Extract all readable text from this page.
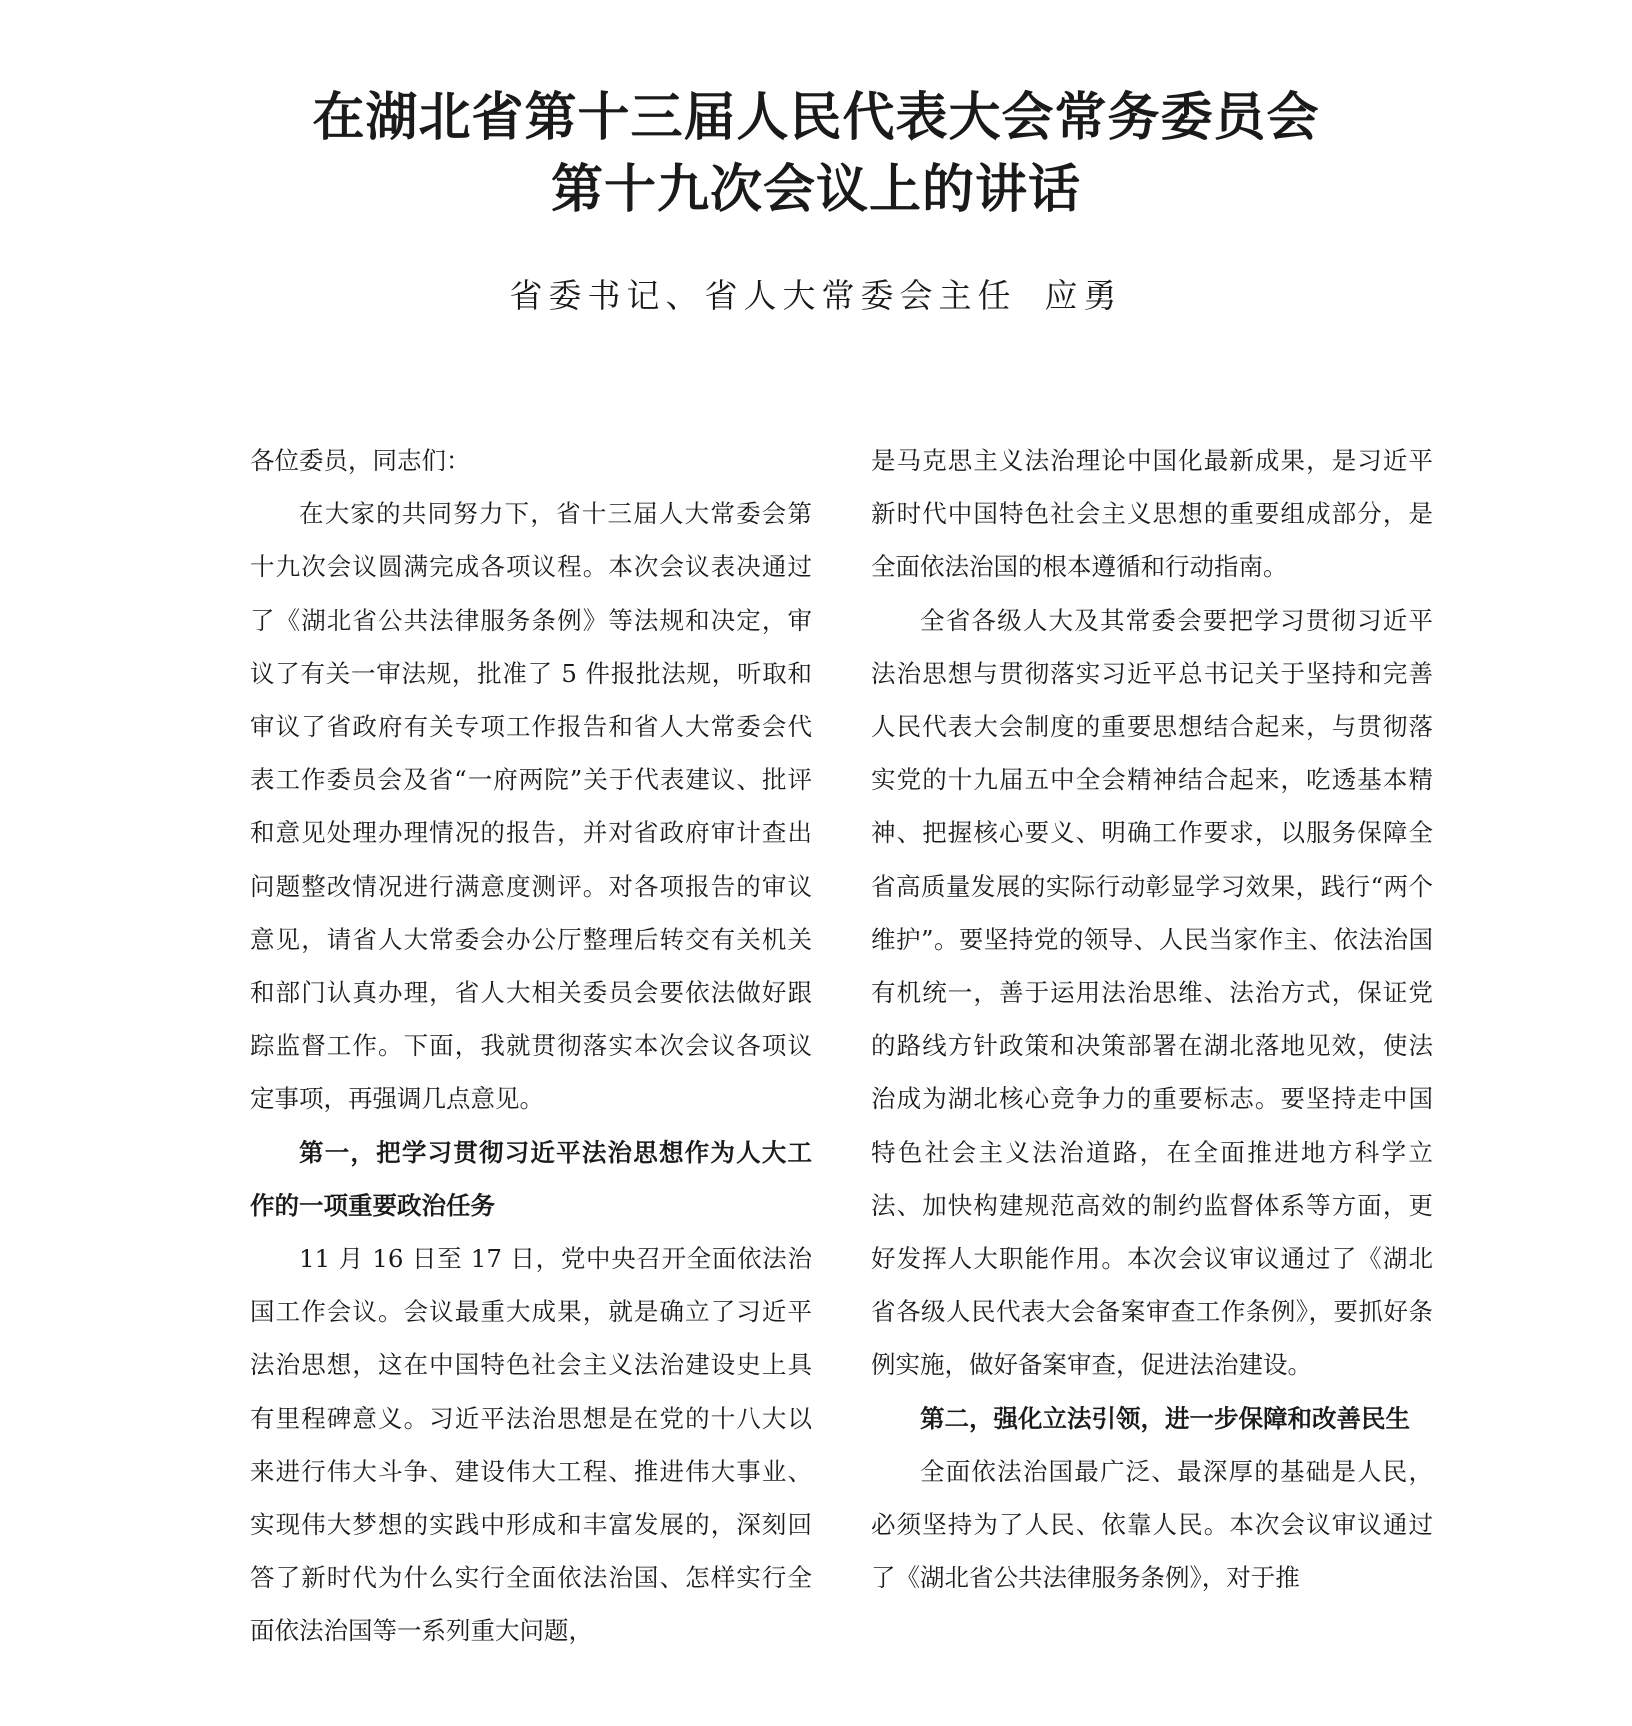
在湖北省第十三届人民代表大会常务委员会
第十九次会议上的讲话
省委书记、省人大常委会主任 应勇

各位委员，同志们：

在大家的共同努力下，省十三届人大常委会第十九次会议圆满完成各项议程。本次会议表决通过了《湖北省公共法律服务条例》等法规和决定，审议了有关一审法规，批准了 5 件报批法规，听取和审议了省政府有关专项工作报告和省人大常委会代表工作委员会及省“一府两院”关于代表建议、批评和意见处理办理情况的报告，并对省政府审计查出问题整改情况进行满意度测评。对各项报告的审议意见，请省人大常委会办公厅整理后转交有关机关和部门认真办理，省人大相关委员会要依法做好跟踪监督工作。下面，我就贯彻落实本次会议各项议定事项，再强调几点意见。

第一，把学习贯彻习近平法治思想作为人大工作的一项重要政治任务

11 月 16 日至 17 日，党中央召开全面依法治国工作会议。会议最重大成果，就是确立了习近平法治思想，这在中国特色社会主义法治建设史上具有里程碑意义。习近平法治思想是在党的十八大以来进行伟大斗争、建设伟大工程、推进伟大事业、实现伟大梦想的实践中形成和丰富发展的，深刻回答了新时代为什么实行全面依法治国、怎样实行全面依法治国等一系列重大问题，

是马克思主义法治理论中国化最新成果，是习近平新时代中国特色社会主义思想的重要组成部分，是全面依法治国的根本遵循和行动指南。

全省各级人大及其常委会要把学习贯彻习近平法治思想与贯彻落实习近平总书记关于坚持和完善人民代表大会制度的重要思想结合起来，与贯彻落实党的十九届五中全会精神结合起来，吃透基本精神、把握核心要义、明确工作要求，以服务保障全省高质量发展的实际行动彰显学习效果，践行“两个维护”。要坚持党的领导、人民当家作主、依法治国有机统一，善于运用法治思维、法治方式，保证党的路线方针政策和决策部署在湖北落地见效，使法治成为湖北核心竞争力的重要标志。要坚持走中国特色社会主义法治道路，在全面推进地方科学立法、加快构建规范高效的制约监督体系等方面，更好发挥人大职能作用。本次会议审议通过了《湖北省各级人民代表大会备案审查工作条例》，要抓好条例实施，做好备案审查，促进法治建设。

第二，强化立法引领，进一步保障和改善民生

全面依法治国最广泛、最深厚的基础是人民，必须坚持为了人民、依靠人民。本次会议审议通过了《湖北省公共法律服务条例》，对于推
